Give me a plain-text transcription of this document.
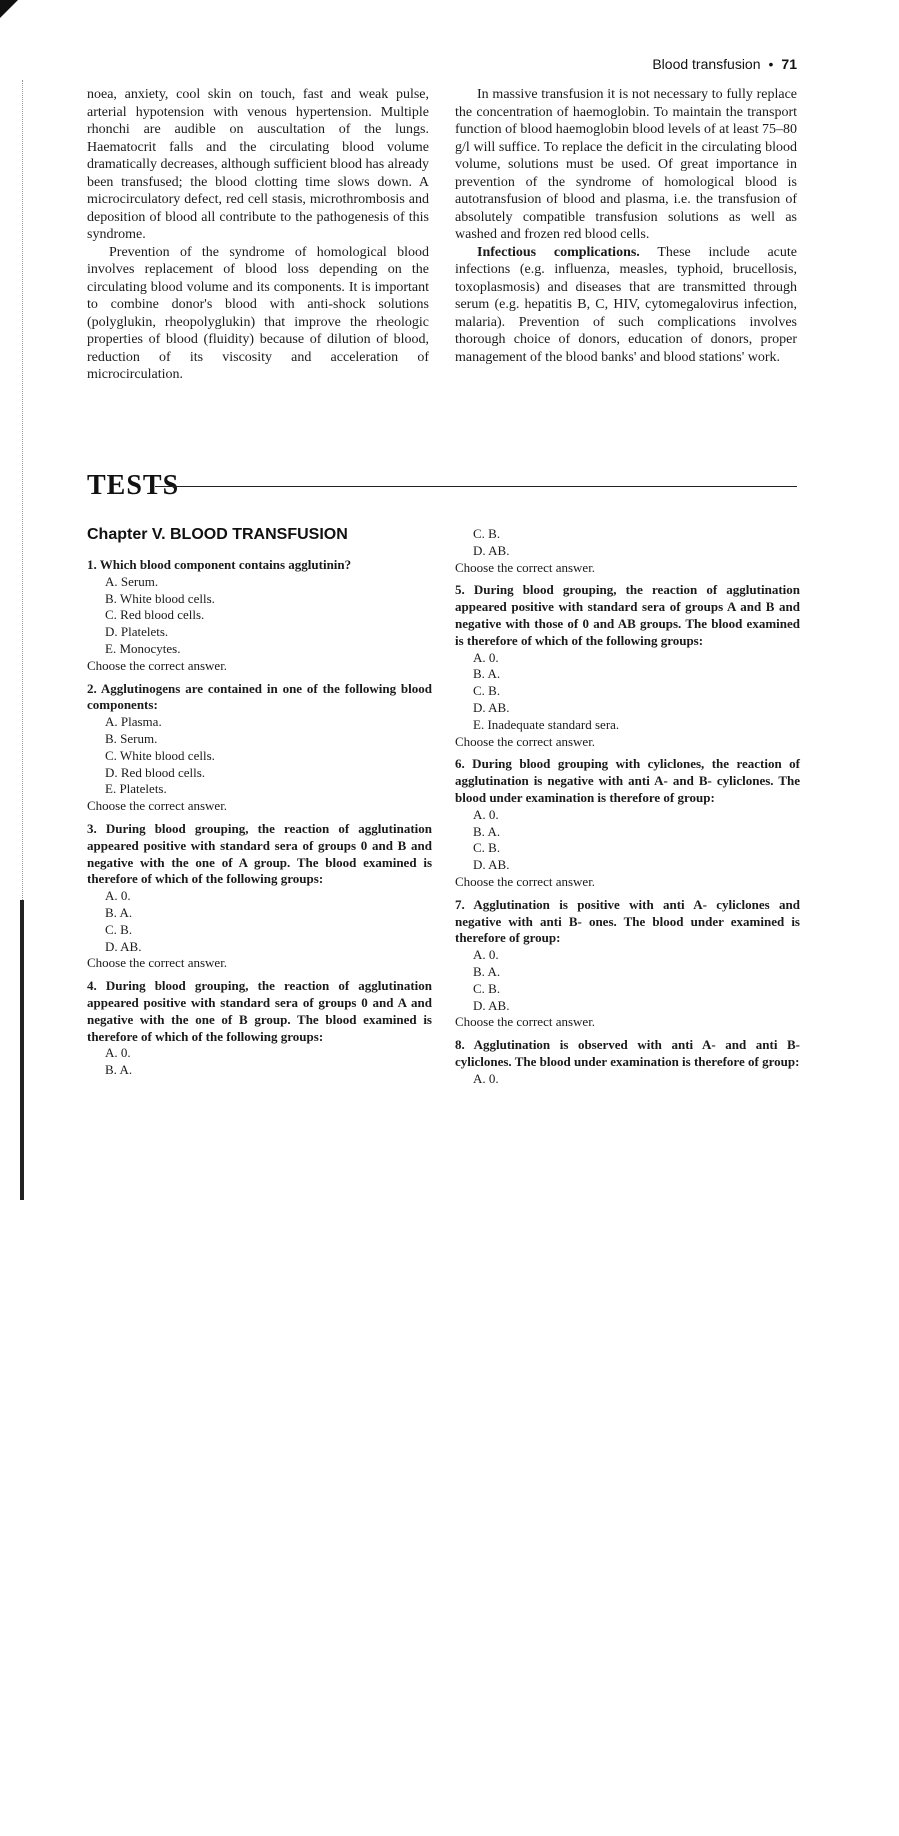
Blood transfusion • 71

noea, anxiety, cool skin on touch, fast and weak pulse, arterial hypotension with venous hypertension. Multiple rhonchi are audible on auscultation of the lungs. Haematocrit falls and the circulating blood volume dramatically decreases, although sufficient blood has already been transfused; the blood clotting time slows down. A microcirculatory defect, red cell stasis, microthrombosis and deposition of blood all contribute to the pathogenesis of this syndrome.

Prevention of the syndrome of homological blood involves replacement of blood loss depending on the circulating blood volume and its components. It is important to combine donor's blood with anti-shock solutions (polyglukin, rheopolyglukin) that improve the rheologic properties of blood (fluidity) because of dilution of blood, reduction of its viscosity and acceleration of microcirculation.

In massive transfusion it is not necessary to fully replace the concentration of haemoglobin. To maintain the transport function of blood haemoglobin blood levels of at least 75–80 g/l will suffice. To replace the deficit in the circulating blood volume, solutions must be used. Of great importance in prevention of the syndrome of homological blood is autotransfusion of blood and plasma, i.e. the transfusion of absolutely compatible transfusion solutions as well as washed and frozen red blood cells.

Infectious complications. These include acute infections (e.g. influenza, measles, typhoid, brucellosis, toxoplasmosis) and diseases that are transmitted through serum (e.g. hepatitis B, C, HIV, cytomegalovirus infection, malaria). Prevention of such complications involves thorough choice of donors, education of donors, proper management of the blood banks' and blood stations' work.

TESTS
Chapter V. BLOOD TRANSFUSION
1. Which blood component contains agglutinin?
A. Serum.
B. White blood cells.
C. Red blood cells.
D. Platelets.
E. Monocytes.
Choose the correct answer.
2. Agglutinogens are contained in one of the following blood components:
A. Plasma.
B. Serum.
C. White blood cells.
D. Red blood cells.
E. Platelets.
Choose the correct answer.
3. During blood grouping, the reaction of agglutination appeared positive with standard sera of groups 0 and B and negative with the one of A group. The blood examined is therefore of which of the following groups:
A. 0.
B. A.
C. B.
D. AB.
Choose the correct answer.
4. During blood grouping, the reaction of agglutination appeared positive with standard sera of groups 0 and A and negative with the one of B group. The blood examined is therefore of which of the following groups:
A. 0.
B. A.
C. B.
D. AB.
Choose the correct answer.
5. During blood grouping, the reaction of agglutination appeared positive with standard sera of groups A and B and negative with those of 0 and AB groups. The blood examined is therefore of which of the following groups:
A. 0.
B. A.
C. B.
D. AB.
E. Inadequate standard sera.
Choose the correct answer.
6. During blood grouping with cyliclones, the reaction of agglutination is negative with anti A- and B- cyliclones. The blood under examination is therefore of group:
A. 0.
B. A.
C. B.
D. AB.
Choose the correct answer.
7. Agglutination is positive with anti A- cyliclones and negative with anti B- ones. The blood under examined is therefore of group:
A. 0.
B. A.
C. B.
D. AB.
Choose the correct answer.
8. Agglutination is observed with anti A- and anti B- cyliclones. The blood under examination is therefore of group:
A. 0.
